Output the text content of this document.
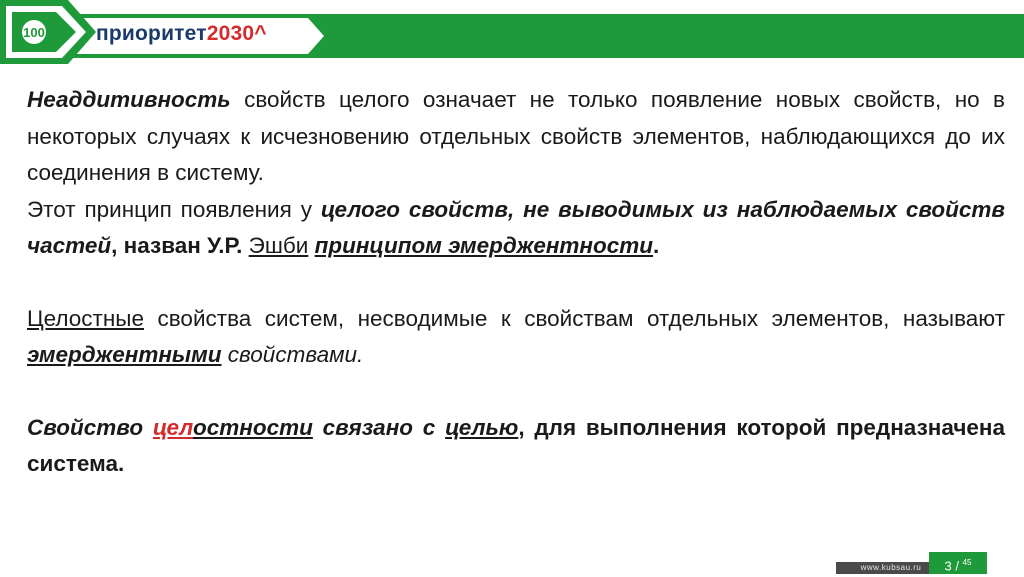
100 приоритет2030^

Неаддитивность свойств целого означает не только появление новых свойств, но в некоторых случаях к исчезновению отдельных свойств элементов, наблюдающихся до их соединения в систему.

Этот принцип появления у целого свойств, не выводимых из наблюдаемых свойств частей, назван У.Р. Эшби принципом эмерджентности.

Целостные свойства систем, несводимые к свойствам отдельных элементов, называют эмерджентными свойствами.

Свойство целостности связано с целью, для выполнения которой предназначена система.

www.kubsau.ru	3 / $^{45}$
